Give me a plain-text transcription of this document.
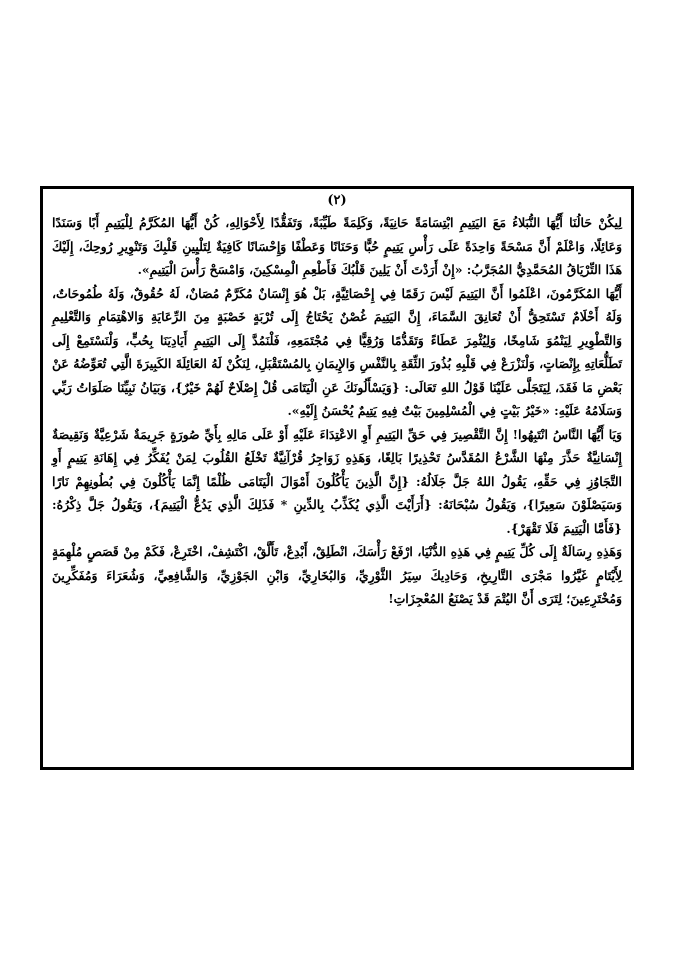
(٢)

لِيكُنْ حَالُنَا أَيُّهَا النُّبَلاءُ مَعَ اليَتِيمِ ابْتِسَامَةً حَانِيَةً، وَكَلِمَةً طَيِّبَةً، وَتَفَقُّدًا لِأَحْوَالِهِ، كُنْ أَيُّهَا المُكَرَّمُ لِلْيَتِيمِ أَبًا وَسَنَدًا وَعَائِلًا، وَاعْلَمْ أَنَّ مَسْحَةً وَاحِدَةً عَلَى رَأْسِ يَتِيمٍ حُبًّا وَحَنَانًا وَعَطْفًا وَإِحْسَانًا كَافِيَةٌ لِتَلْيِينِ قَلْبِكَ وَتَنْوِيرِ رُوحِكَ، إِلَيْكَ هَذَا التِّرْيَاقُ المُحَمَّدِيُّ المُجَرَّبُ: «إِنْ أَرَدْتَ أَنْ يَلِينَ قَلْبُكَ فَأَطْعِمِ الْمِسْكِينَ، وَامْسَحْ رَأْسَ الْيَتِيمِ».

أَيُّهَا المُكَرَّمُونَ، اعْلَمُوا أَنَّ اليَتِيمَ لَيْسَ رَقَمًا فِي إِحْصَائِيَّةٍ، بَلْ هُوَ إِنْسَانٌ مُكَرَّمٌ مُصَانٌ، لَهُ حُقُوقٌ، وَلَهُ طُمُوحَاتٌ، وَلَهُ أَحْلَامٌ تَسْتَحِقُّ أَنْ تُعَانِقَ السَّمَاءَ، إِنَّ اليَتِيمَ غُصْنٌ يَحْتَاجُ إِلَى تُرْبَةٍ خَصْبَةٍ مِنَ الرِّعَايَةِ وَالاهْتِمَامِ وَالتَّعْلِيمِ وَالتَّطْوِيرِ لِيَنْمُوَ شَامِخًا، وَلِيُثْمِرَ عَطَاءً وَتَقَدُّمًا وَرُقِيًّا فِي مُجْتَمَعِهِ، فَلْنَمُدَّ إِلَى اليَتِيمِ أَيَادِيَنَا بِحُبٍّ، وَلْنَسْتَمِعْ إِلَى تَطَلُّعَاتِهِ بِإِنْصَاتٍ، وَلْنَزْرَعْ فِي قَلْبِهِ بُذُورَ الثِّقَةِ بِالنَّفْسِ وَالإِيمَانِ بِالمُسْتَقْبَلِ، لِنَكُنْ لَهُ العَائِلَةَ الكَبِيرَةَ الَّتِي تُعَوِّضُهُ عَنْ بَعْضِ مَا فَقَدَ، لِيَتَجَلَّى عَلَيْنَا قَوْلُ اللهِ تَعَالَى: {وَيَسْأَلُونَكَ عَنِ الْيَتَامَى قُلْ إِصْلَاحٌ لَهُمْ خَيْرٌ}، وَبَيَانُ نَبِيِّنَا صَلَوَاتُ رَبِّي وَسَلَامُهُ عَلَيْهِ: «خَيْرُ بَيْتٍ فِي الْمُسْلِمِينَ بَيْتٌ فِيهِ يَتِيمٌ يُحْسَنُ إِلَيْهِ».

وَيَا أَيُّهَا النَّاسُ انْتَبِهُوا! إِنَّ التَّقْصِيرَ فِي حَقِّ اليَتِيمِ أَوِ الاعْتِدَاءَ عَلَيْهِ أَوْ عَلَى مَالِهِ بِأَيِّ صُورَةٍ جَرِيمَةٌ شَرْعِيَّةٌ وَنَقِيصَةٌ إِنْسَانِيَّةٌ حَذَّرَ مِنْهَا الشَّرْعُ المُقَدَّسُ تَحْذِيرًا بَالِغًا، وَهَذِهِ زَوَاجِرُ قُرْآنِيَّةٌ تَخْلَعُ القُلُوبَ لِمَنْ يُفَكِّرُ فِي إِهَانَةِ يَتِيمٍ أَوِ التَّجَاوُزِ فِي حَقِّهِ، يَقُولُ اللهُ جَلَّ جَلَالُهُ: {إِنَّ الَّذِينَ يَأْكُلُونَ أَمْوَالَ الْيَتَامَى ظُلْمًا إِنَّمَا يَأْكُلُونَ فِي بُطُونِهِمْ نَارًا وَسَيَصْلَوْنَ سَعِيرًا}، وَيَقُولُ سُبْحَانَهُ: {أَرَأَيْتَ الَّذِي يُكَذِّبُ بِالدِّينِ * فَذَلِكَ الَّذِي يَدُعُّ الْيَتِيمَ}، وَيَقُولُ جَلَّ ذِكْرُهُ: {فَأَمَّا الْيَتِيمَ فَلَا تَقْهَرْ}.

وَهَذِهِ رِسَالَةٌ إِلَى كُلِّ يَتِيمٍ فِي هَذِهِ الدُّنْيَا، ارْفَعْ رَأْسَكَ، انْطَلِقْ، أَبْدِعْ، تَأَلَّقْ، اكْتَشِفْ، اخْتَرِعْ، فَكَمْ مِنْ قَصَصٍ مُلْهِمَةٍ لِأَيْتَامٍ غَيَّرُوا مَجْرَى التَّارِيخِ، وَحَادِيكَ سِيَرُ الثَّوْرِيِّ، وَالبُخَارِيِّ، وَابْنِ الجَوْزِيِّ، وَالشَّافِعِيِّ، وَشُعَرَاءَ وَمُفَكِّرِينَ وَمُخْتَرِعِينَ؛ لِتَرَى أَنَّ اليُتْمَ قَدْ يَصْنَعُ المُعْجِزَاتِ!
